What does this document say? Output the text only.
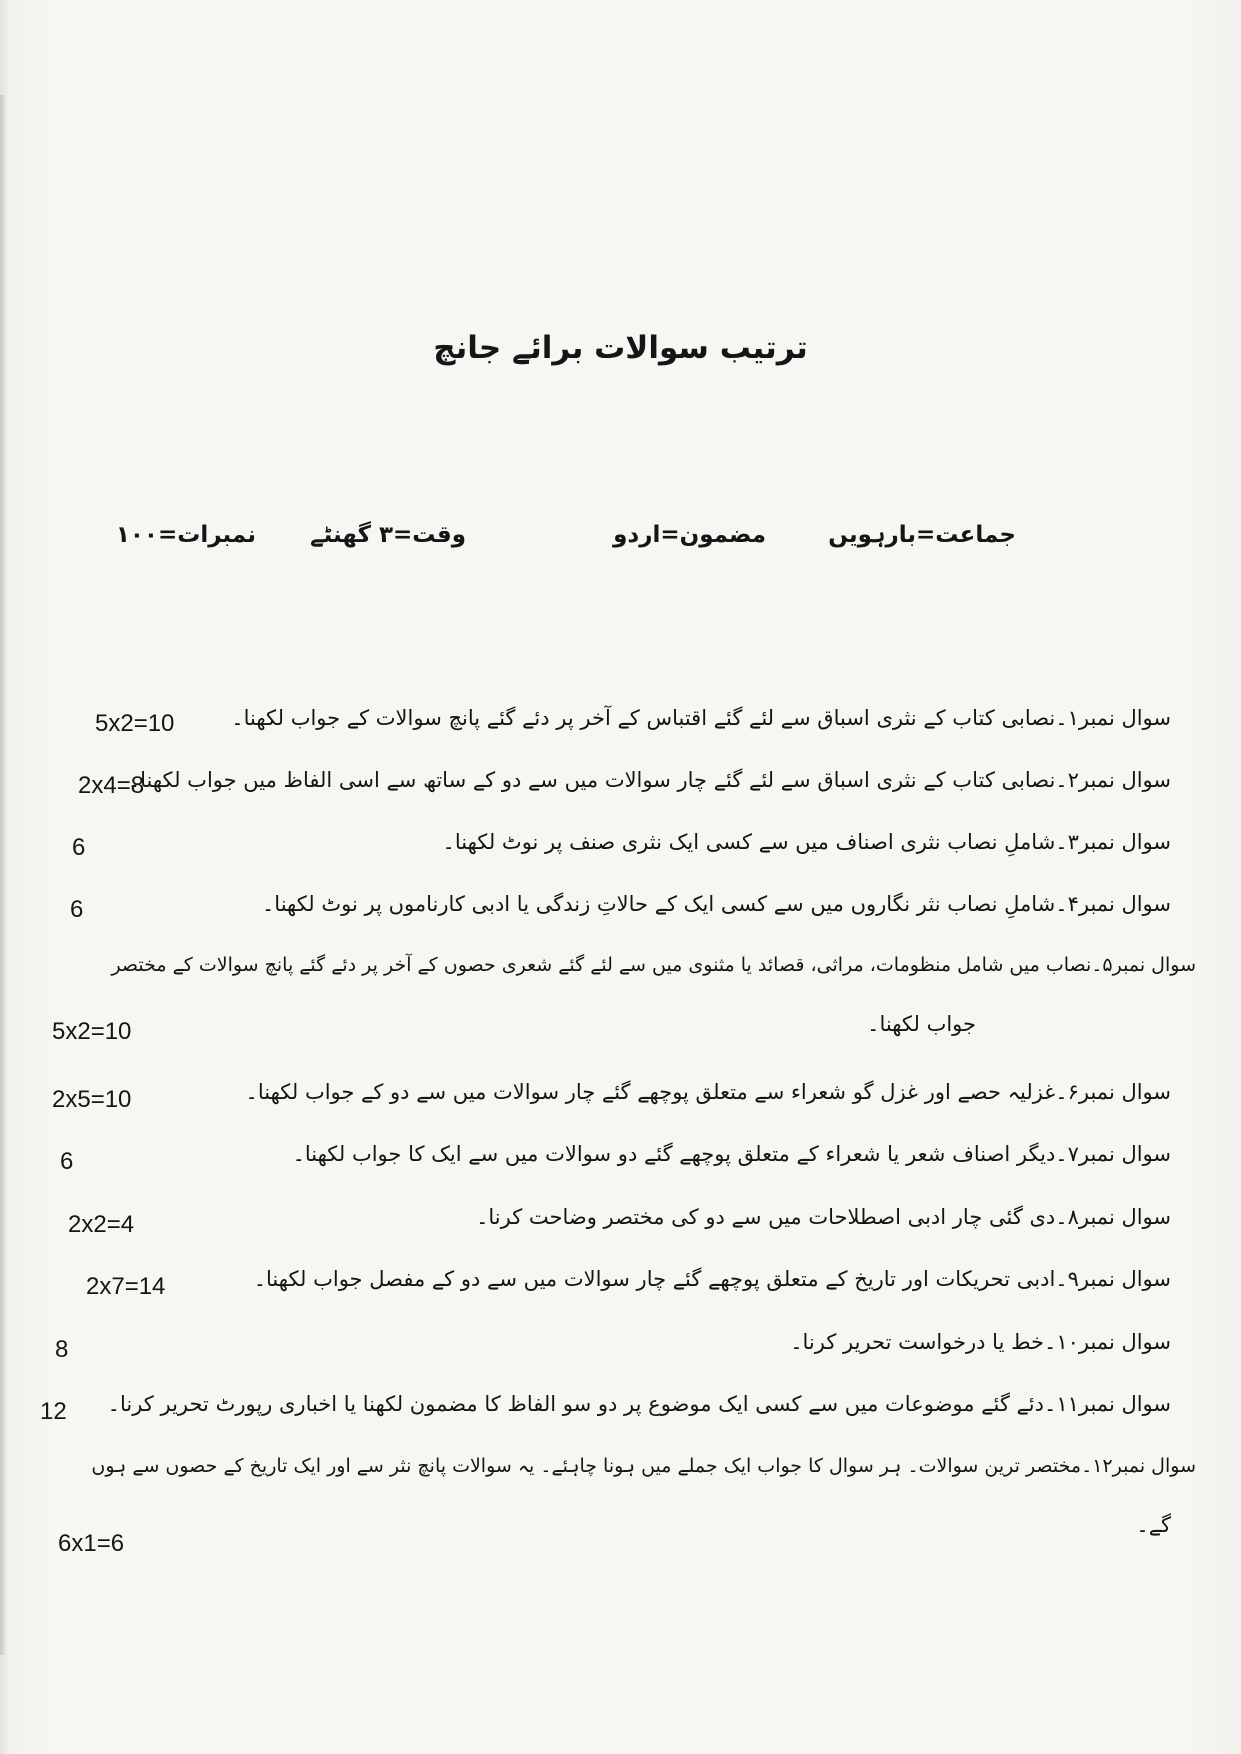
ترتیب سوالات برائے جانچ
جماعت=بارہویں
مضمون=اردو
وقت=۳ گھنٹے
نمبرات=۱۰۰
سوال نمبر۱۔نصابی کتاب کے نثری اسباق سے لئے گئے اقتباس کے آخر پر دئے گئے پانچ سوالات کے جواب لکھنا۔
5x2=10
سوال نمبر۲۔نصابی کتاب کے نثری اسباق سے لئے گئے چار سوالات میں سے دو کے ساتھ سے اسی الفاظ میں جواب لکھنا۔
2x4=8
سوال نمبر۳۔شاملِ نصاب نثری اصناف میں سے کسی ایک نثری صنف پر نوٹ لکھنا۔
6
سوال نمبر۴۔شاملِ نصاب نثر نگاروں میں سے کسی ایک کے حالاتِ زندگی یا ادبی کارناموں پر نوٹ لکھنا۔
6
سوال نمبر۵۔نصاب میں شامل منظومات، مراثی، قصائد یا مثنوی میں سے لئے گئے شعری حصوں کے آخر پر دئے گئے پانچ سوالات کے مختصر
جواب لکھنا۔
5x2=10
سوال نمبر۶۔غزلیہ حصے اور غزل گو شعراء سے متعلق پوچھے گئے چار سوالات میں سے دو کے جواب لکھنا۔
2x5=10
سوال نمبر۷۔دیگر اصناف شعر یا شعراء کے متعلق پوچھے گئے دو سوالات میں سے ایک کا جواب لکھنا۔
6
سوال نمبر۸۔دی گئی چار ادبی اصطلاحات میں سے دو کی مختصر وضاحت کرنا۔
2x2=4
سوال نمبر۹۔ادبی تحریکات اور تاریخ کے متعلق پوچھے گئے چار سوالات میں سے دو کے مفصل جواب لکھنا۔
2x7=14
سوال نمبر۱۰۔خط یا درخواست تحریر کرنا۔
8
سوال نمبر۱۱۔دئے گئے موضوعات میں سے کسی ایک موضوع پر دو سو الفاظ کا مضمون لکھنا یا اخباری رپورٹ تحریر کرنا۔
12
سوال نمبر۱۲۔مختصر ترین سوالات۔ ہر سوال کا جواب ایک جملے میں ہونا چاہئے۔ یہ سوالات پانچ نثر سے اور ایک تاریخ کے حصوں سے ہوں
گے۔
6x1=6
